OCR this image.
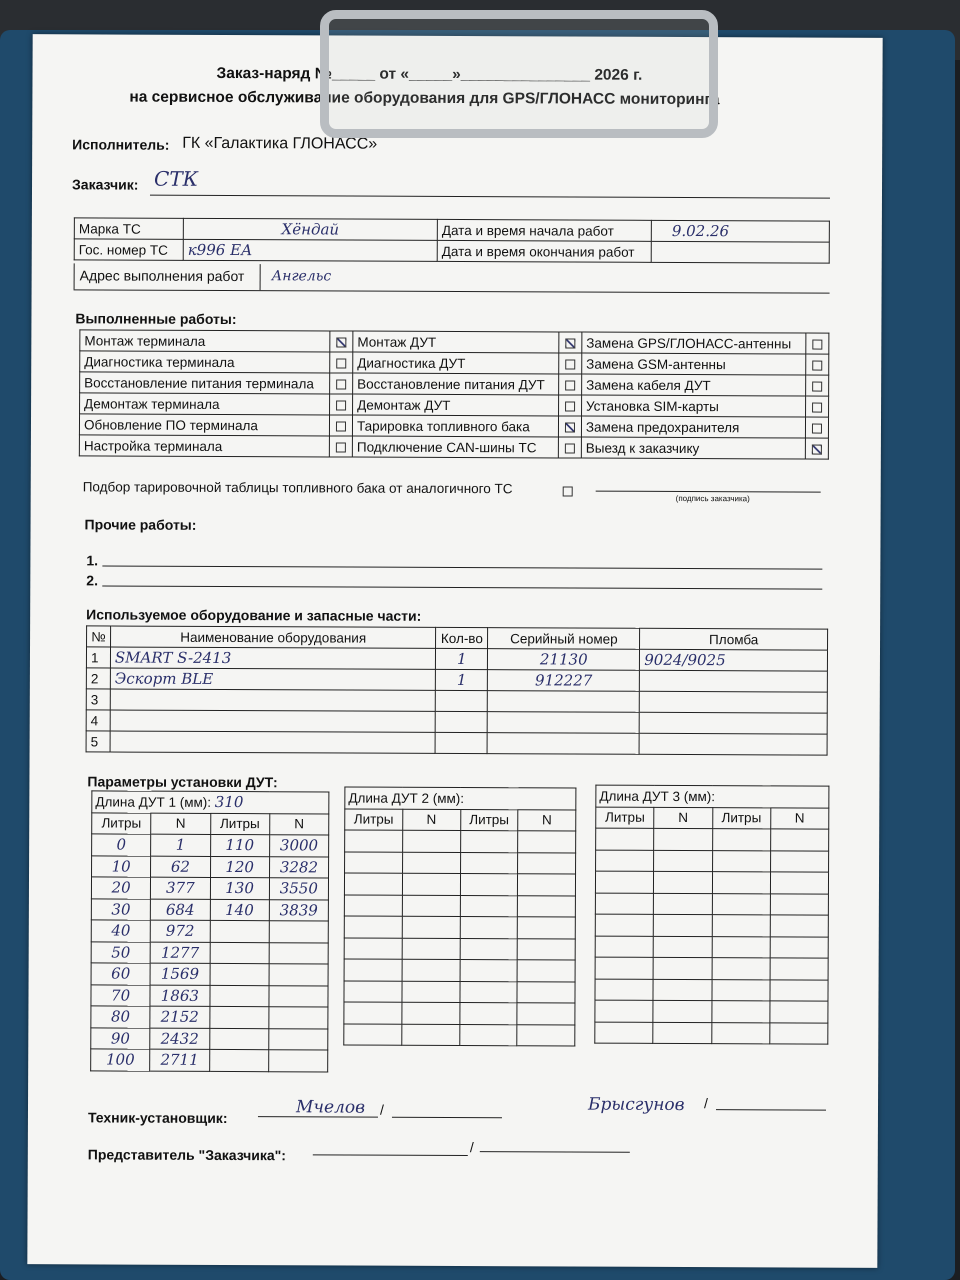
Заказ-наряд №_____ от «_____»_______________ 2026 г.
на сервисное обслуживание оборудования для GPS/ГЛОНАСС мониторинга
Исполнитель: ГК «Галактика ГЛОНАСС»
Заказчик: СТК
Марка ТС	Хёндай	Дата и время начала работ	9.02.26
Гос. номер ТС	к996 ЕА	Дата и время окончания работ	
Адрес выполнения работ Ангельс
Выполненные работы:
Монтаж терминала		Монтаж ДУТ		Замена GPS/ГЛОНАСС-антенны	
Диагностика терминала		Диагностика ДУТ		Замена GSM-антенны	
Восстановление питания терминала		Восстановление питания ДУТ		Замена кабеля ДУТ	
Демонтаж терминала		Демонтаж ДУТ		Установка SIM-карты	
Обновление ПО терминала		Тарировка топливного бака		Замена предохранителя	
Настройка терминала		Подключение CAN-шины ТС		Выезд к заказчику	
Подбор тарировочной таблицы топливного бака от аналогичного ТС
(подпись заказчика)
Прочие работы:
1.
2.
Используемое оборудование и запасные части:
№	Наименование оборудования	Кол-во	Серийный номер	Пломба
1	SMART S-2413	1	21130	9024/9025
2	Эскорт BLE	1	912227	
3				
4				
5				
Параметры установки ДУТ:
Длина ДУТ 1 (мм): 310			
Литры	N	Литры	N
0	1	110	3000
10	62	120	3282
20	377	130	3550
30	684	140	3839
40	972		
50	1277		
60	1569		
70	1863		
80	2152		
90	2432		
100	2711		
Длина ДУТ 2 (мм):			
Литры	N	Литры	N

Длина ДУТ 3 (мм):			
Литры	N	Литры	N

Техник-установщик:
Мчелов /	Брысгунов /
Представитель "Заказчика":	/
